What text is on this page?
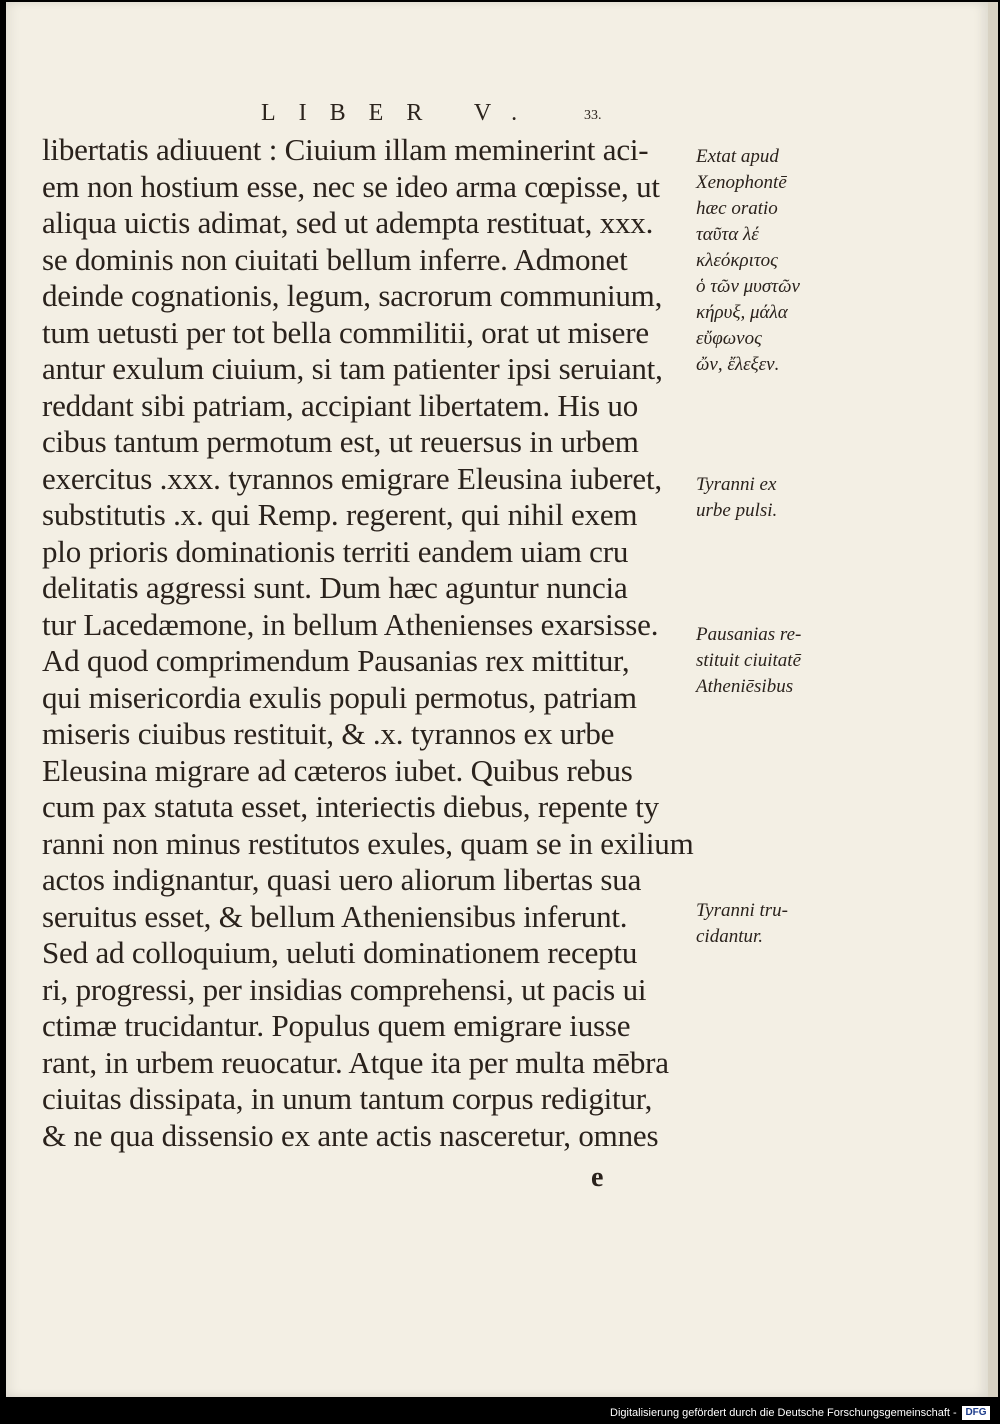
LIBER V.	33.
libertatis adiuuent : Ciuium illam meminerint aci-
em non hostium esse, nec se ideo arma cœpisse, ut
aliqua uictis adimat, sed ut adempta restituat, xxx.
se dominis non ciuitati bellum inferre. Admonet
deinde cognationis, legum, sacrorum communium,
tum uetusti per tot bella commilitii, orat ut misere
antur exulum ciuium, si tam patienter ipsi seruiant,
reddant sibi patriam, accipiant libertatem. His uo
cibus tantum permotum est, ut reuersus in urbem
exercitus .xxx. tyrannos emigrare Eleusina iuberet,
substitutis .x. qui Remp. regerent, qui nihil exem
plo prioris dominationis territi eandem uiam cru
delitatis aggressi sunt. Dum hæc aguntur nuncia
tur Lacedæmone, in bellum Athenienses exarsisse.
Ad quod comprimendum Pausanias rex mittitur,
qui misericordia exulis populi permotus, patriam
miseris ciuibus restituit, & .x. tyrannos ex urbe
Eleusina migrare ad cæteros iubet. Quibus rebus
cum pax statuta esset, interiectis diebus, repente ty
ranni non minus restitutos exules, quam se in exilium
actos indignantur, quasi uero aliorum libertas sua
seruitus esset, & bellum Atheniensibus inferunt.
Sed ad colloquium, ueluti dominationem receptu
ri, progressi, per insidias comprehensi, ut pacis ui
ctimæ trucidantur. Populus quem emigrare iusse
rant, in urbem reuocatur. Atque ita per multa mēbra
ciuitas dissipata, in unum tantum corpus redigitur,
& ne qua dissensio ex ante actis nasceretur, omnes
e
Extat apud
Xenophontē
hæc oratio
ταῦτα λέ
κλεόκριτος
ὁ τῶν μυστῶν
κήρυξ, μάλα
εὔφωνος
ὤν, ἔλεξεν.
Tyranni ex
urbe pulsi.
Pausanias re-
stituit ciuitatē
Atheniēsibus
Tyranni tru-
cidantur.
Digitalisierung gefördert durch die Deutsche Forschungsgemeinschaft - DFG
